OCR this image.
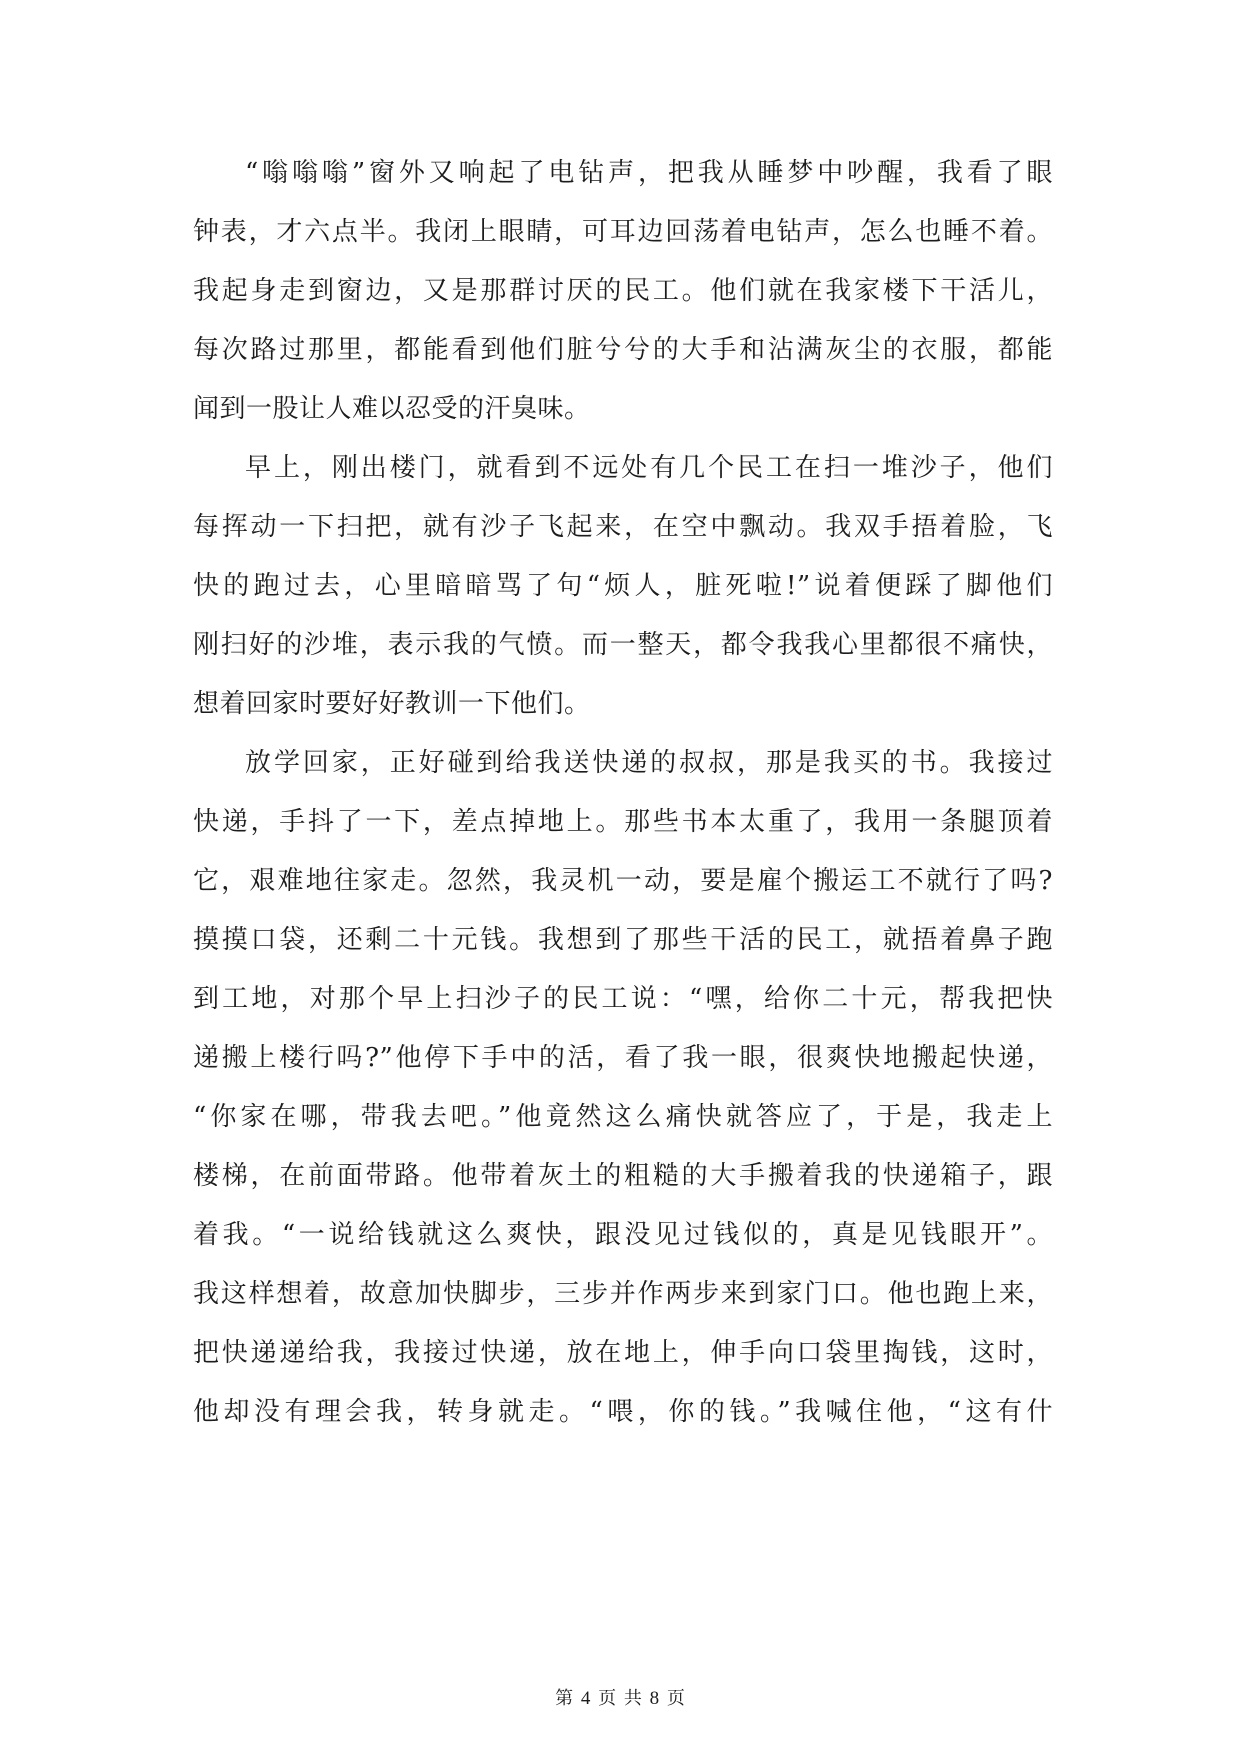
“嗡嗡嗡”窗外又响起了电钻声，把我从睡梦中吵醒，我看了眼
钟表，才六点半。我闭上眼睛，可耳边回荡着电钻声，怎么也睡不着。
我起身走到窗边，又是那群讨厌的民工。他们就在我家楼下干活儿，
每次路过那里，都能看到他们脏兮兮的大手和沾满灰尘的衣服，都能
闻到一股让人难以忍受的汗臭味。
早上，刚出楼门，就看到不远处有几个民工在扫一堆沙子，他们
每挥动一下扫把，就有沙子飞起来，在空中飘动。我双手捂着脸，飞
快的跑过去，心里暗暗骂了句“烦人，脏死啦!”说着便踩了脚他们
刚扫好的沙堆，表示我的气愤。而一整天，都令我我心里都很不痛快，
想着回家时要好好教训一下他们。
放学回家，正好碰到给我送快递的叔叔，那是我买的书。我接过
快递，手抖了一下，差点掉地上。那些书本太重了，我用一条腿顶着
它，艰难地往家走。忽然，我灵机一动，要是雇个搬运工不就行了吗?
摸摸口袋，还剩二十元钱。我想到了那些干活的民工，就捂着鼻子跑
到工地，对那个早上扫沙子的民工说：“嘿，给你二十元，帮我把快
递搬上楼行吗?”他停下手中的活，看了我一眼，很爽快地搬起快递，
“你家在哪，带我去吧。”他竟然这么痛快就答应了，于是，我走上
楼梯，在前面带路。他带着灰土的粗糙的大手搬着我的快递箱子，跟
着我。“一说给钱就这么爽快，跟没见过钱似的，真是见钱眼开”。
我这样想着，故意加快脚步，三步并作两步来到家门口。他也跑上来，
把快递递给我，我接过快递，放在地上，伸手向口袋里掏钱，这时，
他却没有理会我，转身就走。“喂，你的钱。”我喊住他，“这有什
第 4 页 共 8 页
